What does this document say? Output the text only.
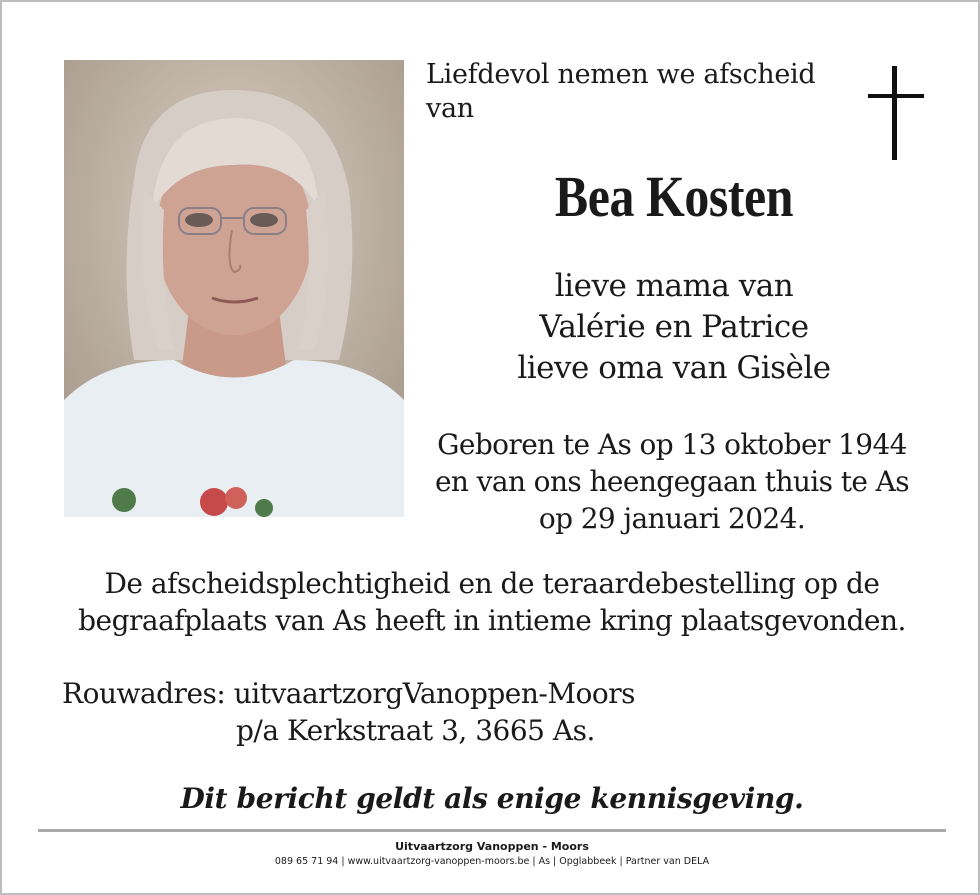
Liefdevol nemen we afscheid
van
Bea Kosten
lieve mama van
Valérie en Patrice
lieve oma van Gisèle
Geboren te As op 13 oktober 1944
en van ons heengegaan thuis te As
op 29 januari 2024.
De afscheidsplechtigheid en de teraardebestelling op de
begraafplaats van As heeft in intieme kring plaatsgevonden.
Rouwadres: uitvaartzorgVanoppen-Moors
p/a Kerkstraat 3, 3665 As.
Dit bericht geldt als enige kennisgeving.
Uitvaartzorg Vanoppen - Moors
089 65 71 94 | www.uitvaartzorg-vanoppen-moors.be | As | Opglabbeek | Partner van DELA
